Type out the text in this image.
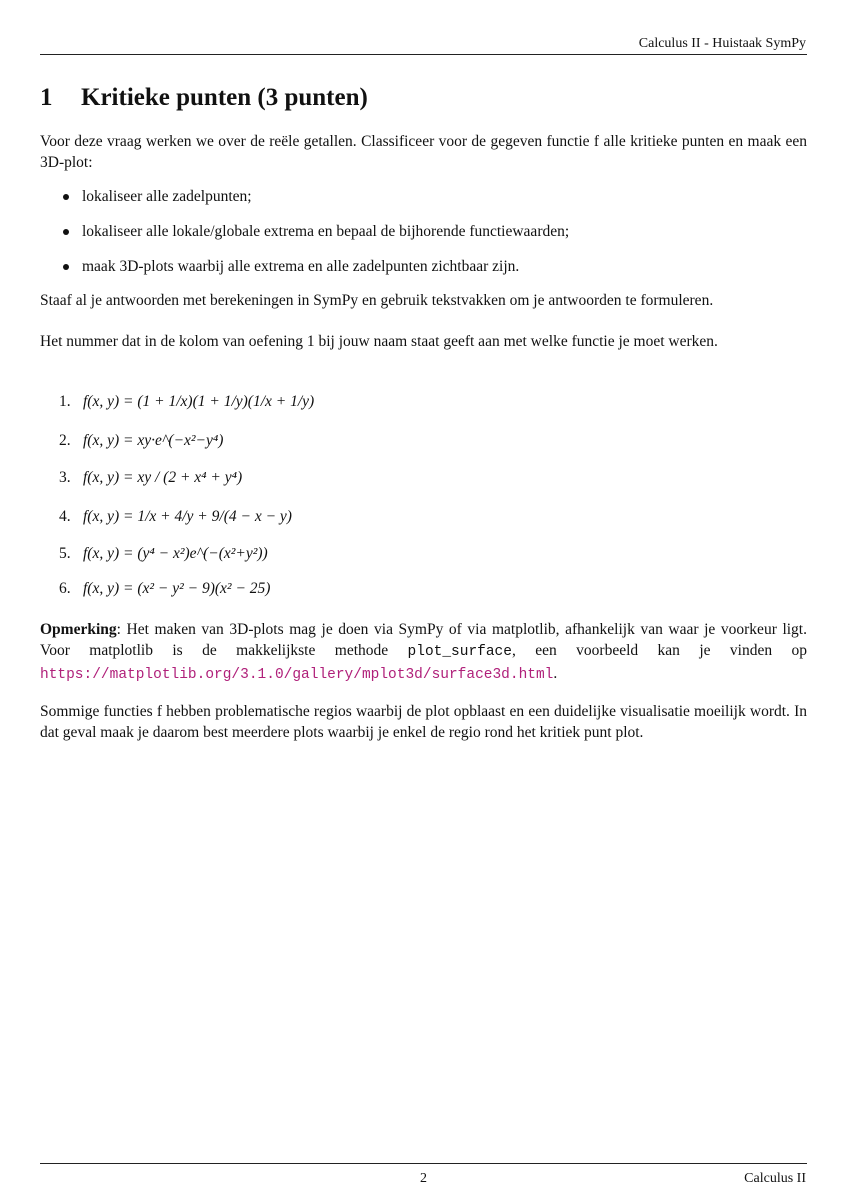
Calculus II - Huistaak SymPy
1 Kritieke punten (3 punten)

Voor deze vraag werken we over de reële getallen. Classificeer voor de gegeven functie f alle kritieke punten en maak een 3D-plot:

lokaliseer alle zadelpunten;
lokaliseer alle lokale/globale extrema en bepaal de bijhorende functiewaarden;
maak 3D-plots waarbij alle extrema en alle zadelpunten zichtbaar zijn.

Staaf al je antwoorden met berekeningen in SymPy en gebruik tekstvakken om je antwoorden te formuleren.

Het nummer dat in de kolom van oefening 1 bij jouw naam staat geeft aan met welke functie je moet werken.

1. f(x, y) = (1 + 1/x)(1 + 1/y)(1/x + 1/y)
2. f(x, y) = xy·e^(−x²−y⁴)
3. f(x, y) = xy / (2 + x⁴ + y⁴)
4. f(x, y) = 1/x + 4/y + 9/(4 − x − y)
5. f(x, y) = (y⁴ − x²)e^(−(x²+y²))
6. f(x, y) = (x² − y² − 9)(x² − 25)

Opmerking: Het maken van 3D-plots mag je doen via SymPy of via matplotlib, afhankelijk van waar je voorkeur ligt. Voor matplotlib is de makkelijkste methode plot_surface, een voorbeeld kan je vinden op https://matplotlib.org/3.1.0/gallery/mplot3d/surface3d.html.

Sommige functies f hebben problematische regios waarbij de plot opblaast en een duidelijke visualisatie moeilijk wordt. In dat geval maak je daarom best meerdere plots waarbij je enkel de regio rond het kritiek punt plot.

2	Calculus II
